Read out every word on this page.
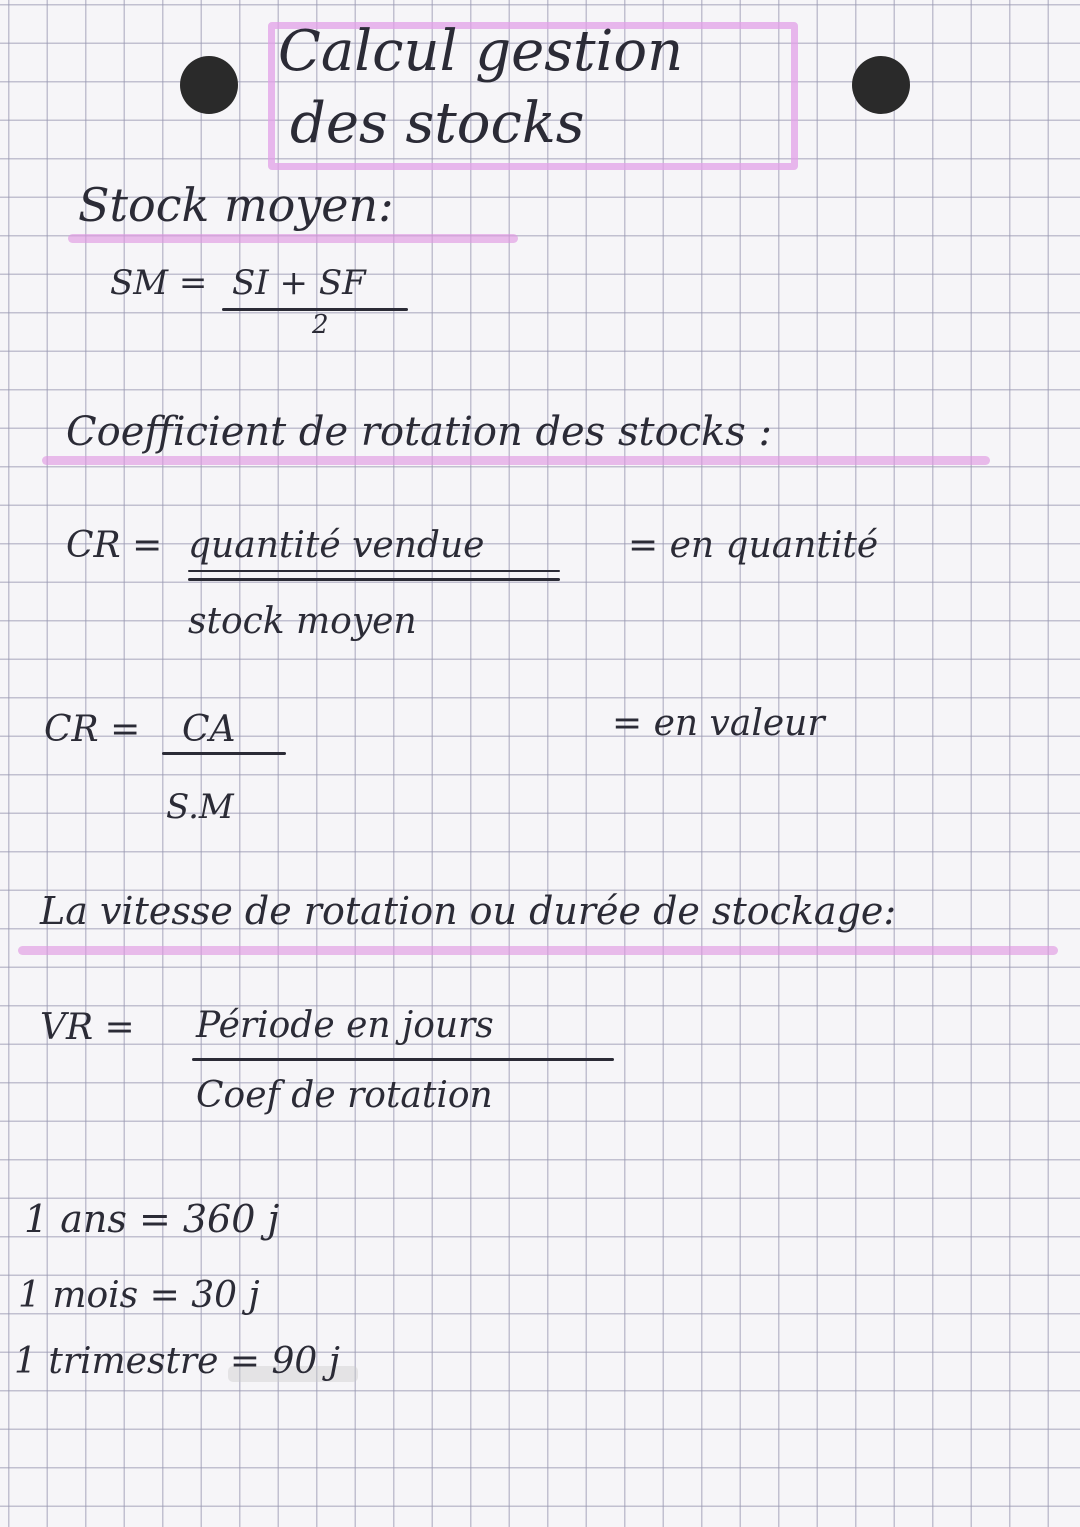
Calcul gestion
des stocks
Stock moyen:
SM = SI + SF
2
Coefficient de rotation des stocks :
CR = quantité vendue
stock moyen
= en quantité
CR = CA
S.M
= en valeur
La vitesse de rotation ou durée de stockage:
VR = Période en jours
Coef de rotation
1 ans = 360 j
1 mois = 30 j
1 trimestre = 90 j
